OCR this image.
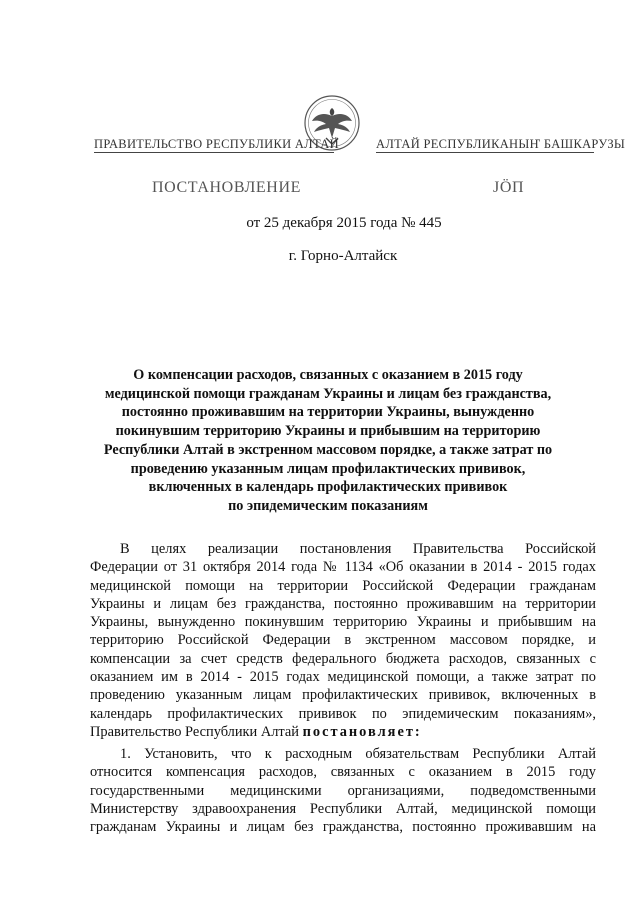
ПРАВИТЕЛЬСТВО РЕСПУБЛИКИ АЛТАЙ	АЛТАЙ РЕСПУБЛИКАНЫҤ БАШКАРУЗЫ
ПОСТАНОВЛЕНИЕ	JӦП
от 25 декабря 2015 года № 445
г. Горно-Алтайск
О компенсации расходов, связанных с оказанием в 2015 году
медицинской помощи гражданам Украины и лицам без гражданства,
постоянно проживавшим на территории Украины, вынужденно
покинувшим территорию Украины и прибывшим на территорию
Республики Алтай в экстренном массовом порядке, а также затрат по
проведению указанным лицам профилактических прививок,
включенных в календарь профилактических прививок
по эпидемическим показаниям
В целях реализации постановления Правительства Российской
Федерации от 31 октября 2014 года № 1134 «Об оказании в 2014 - 2015 годах
медицинской помощи на территории Российской Федерации гражданам
Украины и лицам без гражданства, постоянно проживавшим на территории
Украины, вынужденно покинувшим территорию Украины и прибывшим на
территорию Российской Федерации в экстренном массовом порядке, и
компенсации за счет средств федерального бюджета расходов, связанных с
оказанием им в 2014 - 2015 годах медицинской помощи, а также затрат по
проведению указанным лицам профилактических прививок, включенных в
календарь профилактических прививок по эпидемическим показаниям»,
Правительство Республики Алтай постановляет:
1. Установить, что к расходным обязательствам Республики Алтай
относится компенсация расходов, связанных с оказанием в 2015 году
государственными медицинскими организациями, подведомственными
Министерству здравоохранения Республики Алтай, медицинской помощи
гражданам Украины и лицам без гражданства, постоянно проживавшим на
